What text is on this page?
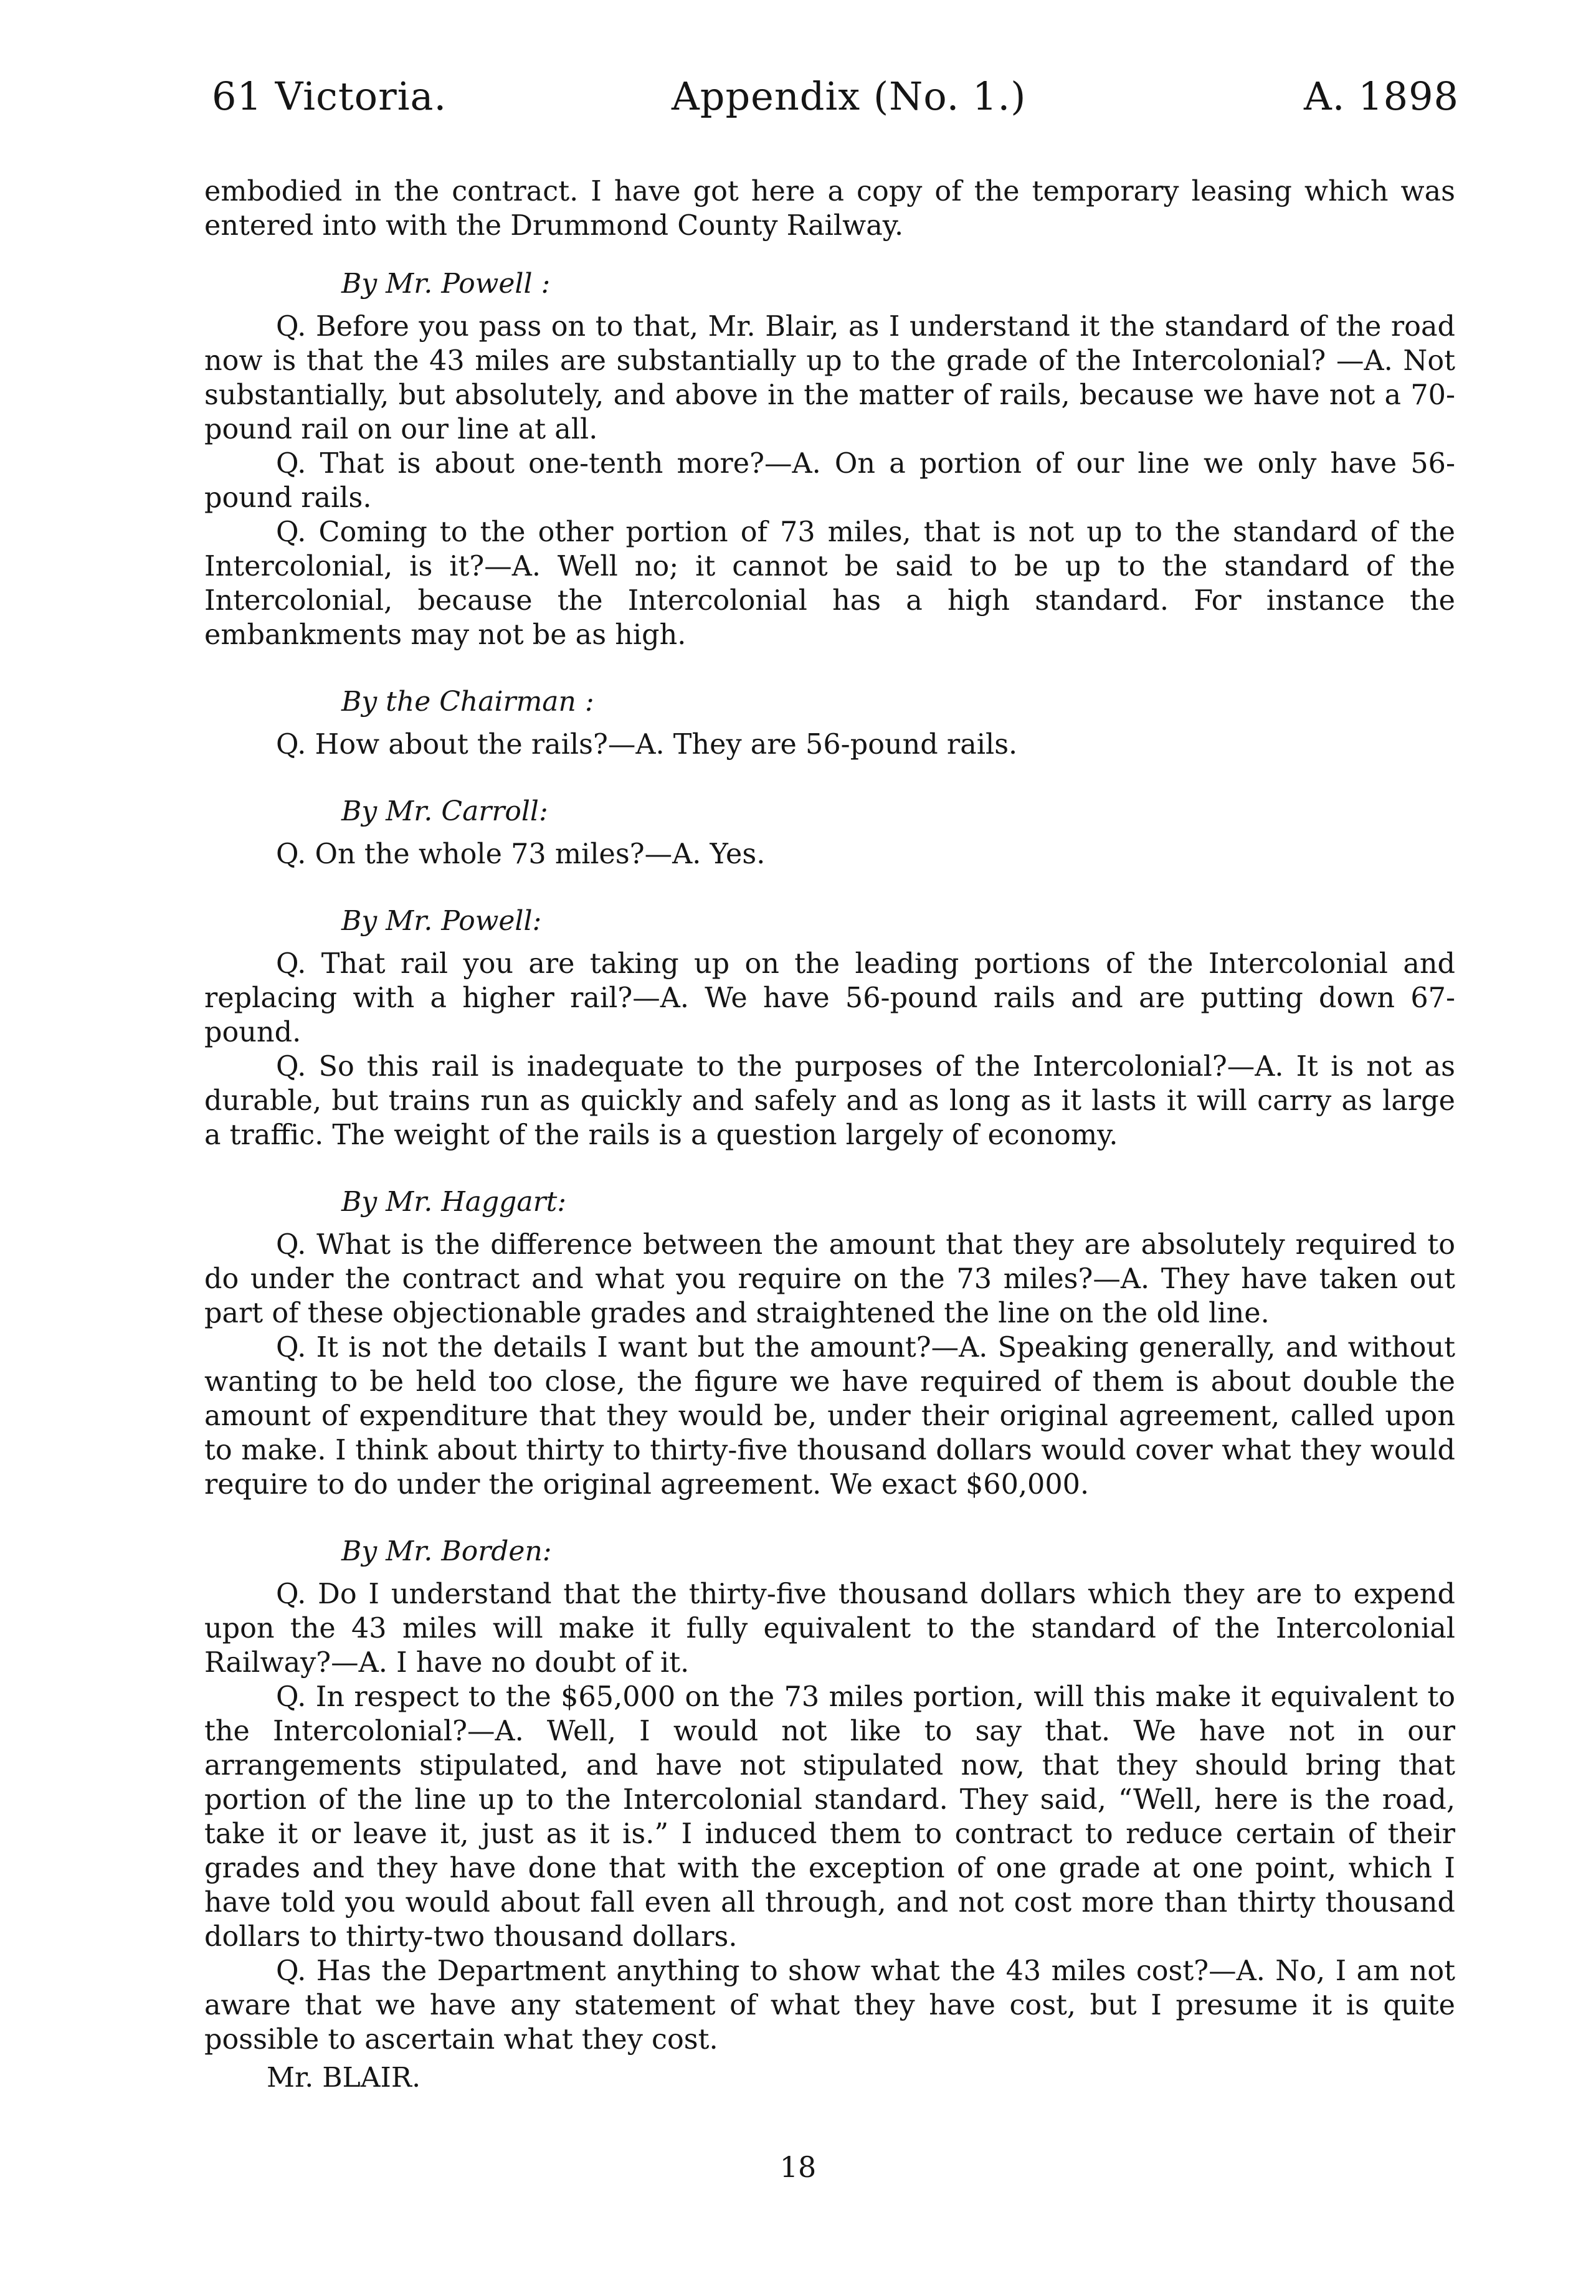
61 Victoria.	Appendix (No. 1.)	A. 1898

embodied in the contract. I have got here a copy of the temporary leasing which was entered into with the Drummond County Railway.

By Mr. Powell :

Q. Before you pass on to that, Mr. Blair, as I understand it the standard of the road now is that the 43 miles are substantially up to the grade of the Intercolonial? —A. Not substantially, but absolutely, and above in the matter of rails, because we have not a 70-pound rail on our line at all.

Q. That is about one-tenth more?—A. On a portion of our line we only have 56-pound rails.

Q. Coming to the other portion of 73 miles, that is not up to the standard of the Intercolonial, is it?—A. Well no; it cannot be said to be up to the standard of the Intercolonial, because the Intercolonial has a high standard. For instance the embankments may not be as high.

By the Chairman :

Q. How about the rails?—A. They are 56-pound rails.

By Mr. Carroll:

Q. On the whole 73 miles?—A. Yes.

By Mr. Powell:

Q. That rail you are taking up on the leading portions of the Intercolonial and replacing with a higher rail?—A. We have 56-pound rails and are putting down 67-pound.

Q. So this rail is inadequate to the purposes of the Intercolonial?—A. It is not as durable, but trains run as quickly and safely and as long as it lasts it will carry as large a traffic. The weight of the rails is a question largely of economy.

By Mr. Haggart:

Q. What is the difference between the amount that they are absolutely required to do under the contract and what you require on the 73 miles?—A. They have taken out part of these objectionable grades and straightened the line on the old line.

Q. It is not the details I want but the amount?—A. Speaking generally, and without wanting to be held too close, the figure we have required of them is about double the amount of expenditure that they would be, under their original agreement, called upon to make. I think about thirty to thirty-five thousand dollars would cover what they would require to do under the original agreement. We exact $60,000.

By Mr. Borden:

Q. Do I understand that the thirty-five thousand dollars which they are to expend upon the 43 miles will make it fully equivalent to the standard of the Intercolonial Railway?—A. I have no doubt of it.

Q. In respect to the $65,000 on the 73 miles portion, will this make it equivalent to the Intercolonial?—A. Well, I would not like to say that. We have not in our arrangements stipulated, and have not stipulated now, that they should bring that portion of the line up to the Intercolonial standard. They said, “Well, here is the road, take it or leave it, just as it is.” I induced them to contract to reduce certain of their grades and they have done that with the exception of one grade at one point, which I have told you would about fall even all through, and not cost more than thirty thousand dollars to thirty-two thousand dollars.

Q. Has the Department anything to show what the 43 miles cost?—A. No, I am not aware that we have any statement of what they have cost, but I presume it is quite possible to ascertain what they cost.

Mr. BLAIR.
18
